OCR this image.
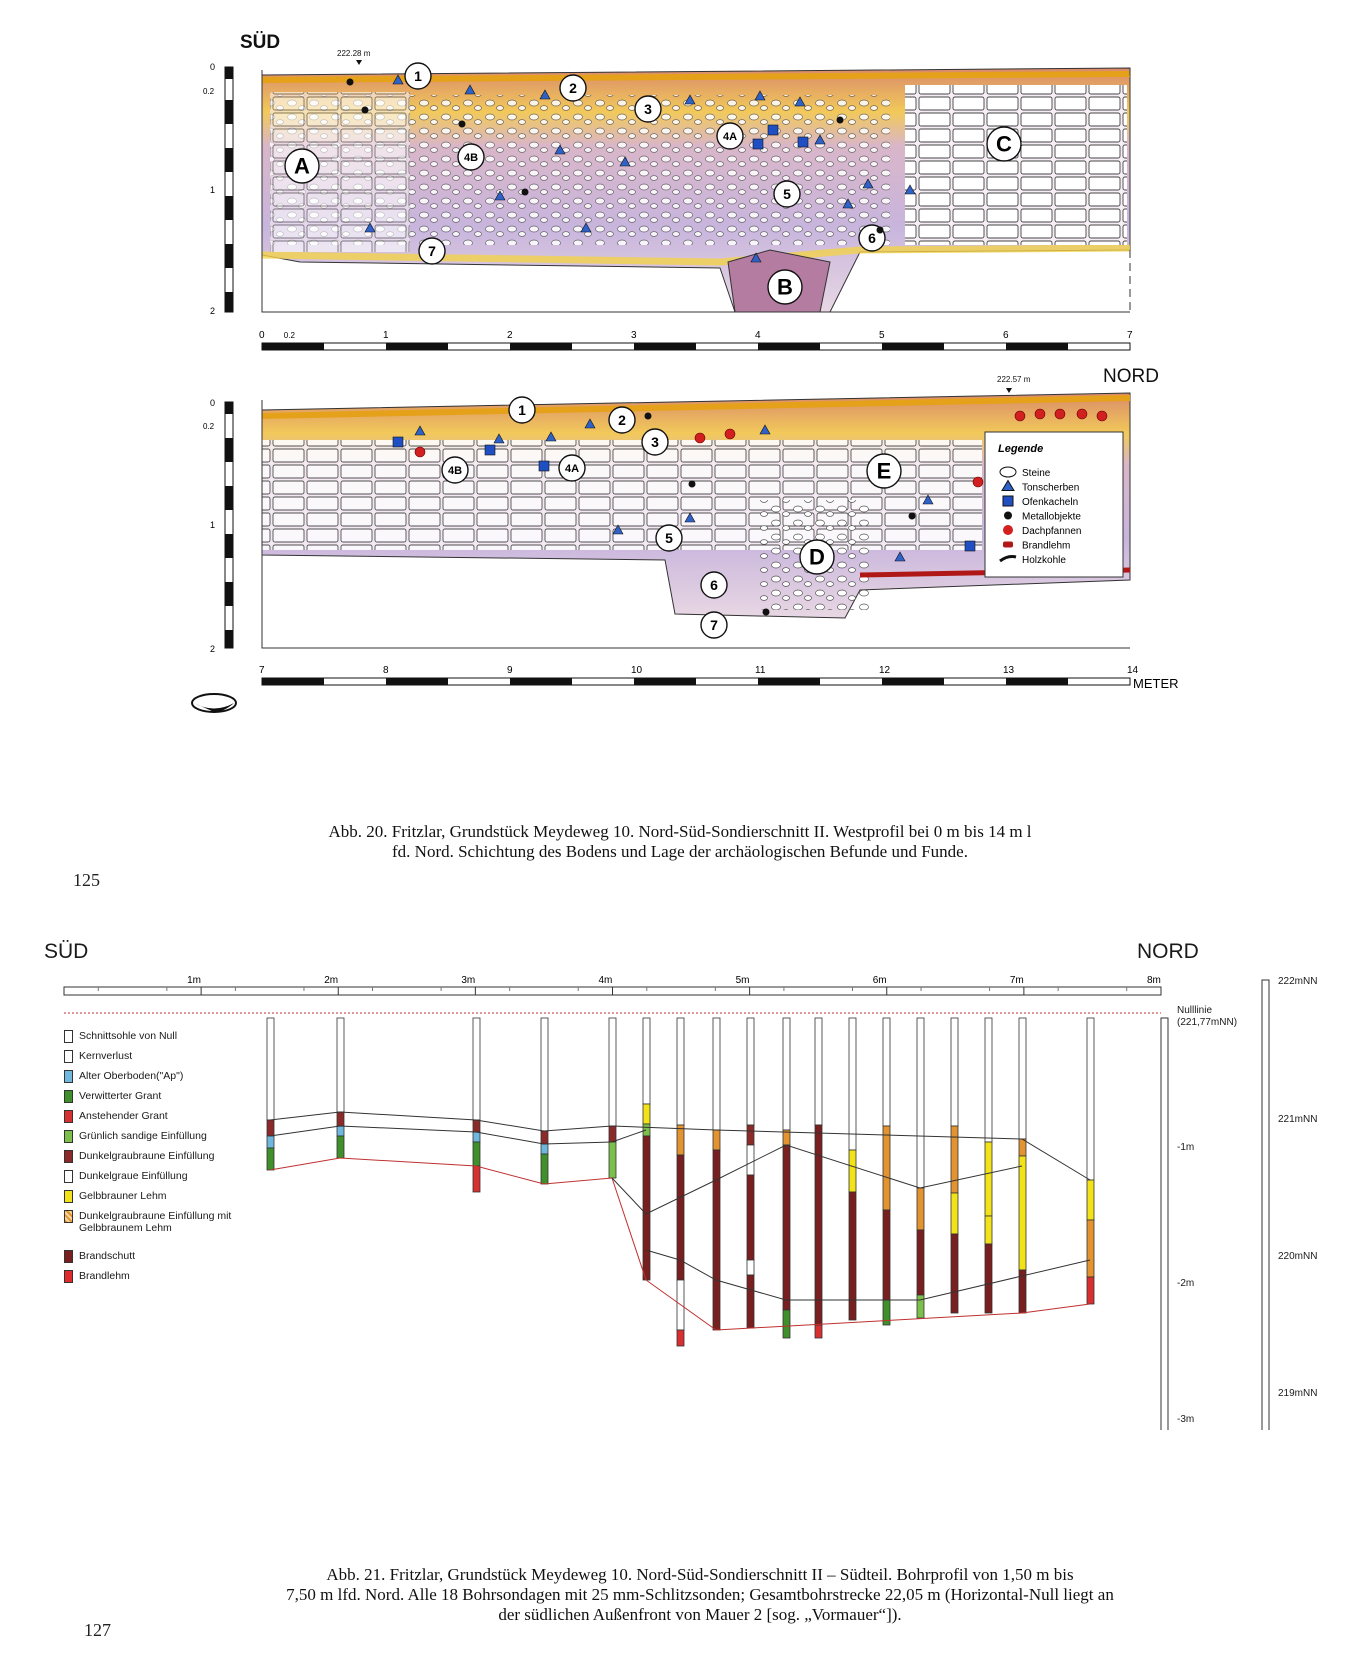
SÜD
222.28 m
0
0.2
1
2
1
2
3
4A
4B
5
6
7
A
B
C
0 0.2	1	2	3	4	5	6	7
NORD
222.57 m
0
0.2
1
2
1
2
3
4B	4A
5
6
7
D
E
Legende
Steine
Tonscherben
Ofenkacheln
Metallobjekte
Dachpfannen
Brandlehm
Holzkohle
7	8	9	10	11	12	13	14
METER
Abb. 20. Fritzlar, Grundstück Meydeweg 10. Nord-Süd-Sondierschnitt II. Westprofil bei 0 m bis 14 m l
fd. Nord. Schichtung des Bodens und Lage der archäologischen Befunde und Funde.
125
SÜD	NORD
1m	2m	3m	4m	5m	6m	7m	8m
Nulllinie
(221,77mNN)
-1m
-2m
-3m
222mNN
221mNN
220mNN
219mNN
Schnittsohle von Null
Kernverlust
Alter Oberboden("Ap")
Verwitterter Grant
Anstehender Grant
Grünlich sandige Einfüllung
Dunkelgraubraune Einfüllung
Dunkelgraue Einfüllung
Gelbbrauner Lehm
Dunkelgraubraune Einfüllung mit Gelbbraunem Lehm
Brandschutt
Brandlehm
Abb. 21. Fritzlar, Grundstück Meydeweg 10. Nord-Süd-Sondierschnitt II – Südteil. Bohrprofil von 1,50 m bis
7,50 m lfd. Nord. Alle 18 Bohrsondagen mit 25 mm-Schlitzsonden; Gesamtbohrstrecke 22,05 m (Horizontal-Null liegt an
der südlichen Außenfront von Mauer 2 [sog. „Vormauer“]).
127
